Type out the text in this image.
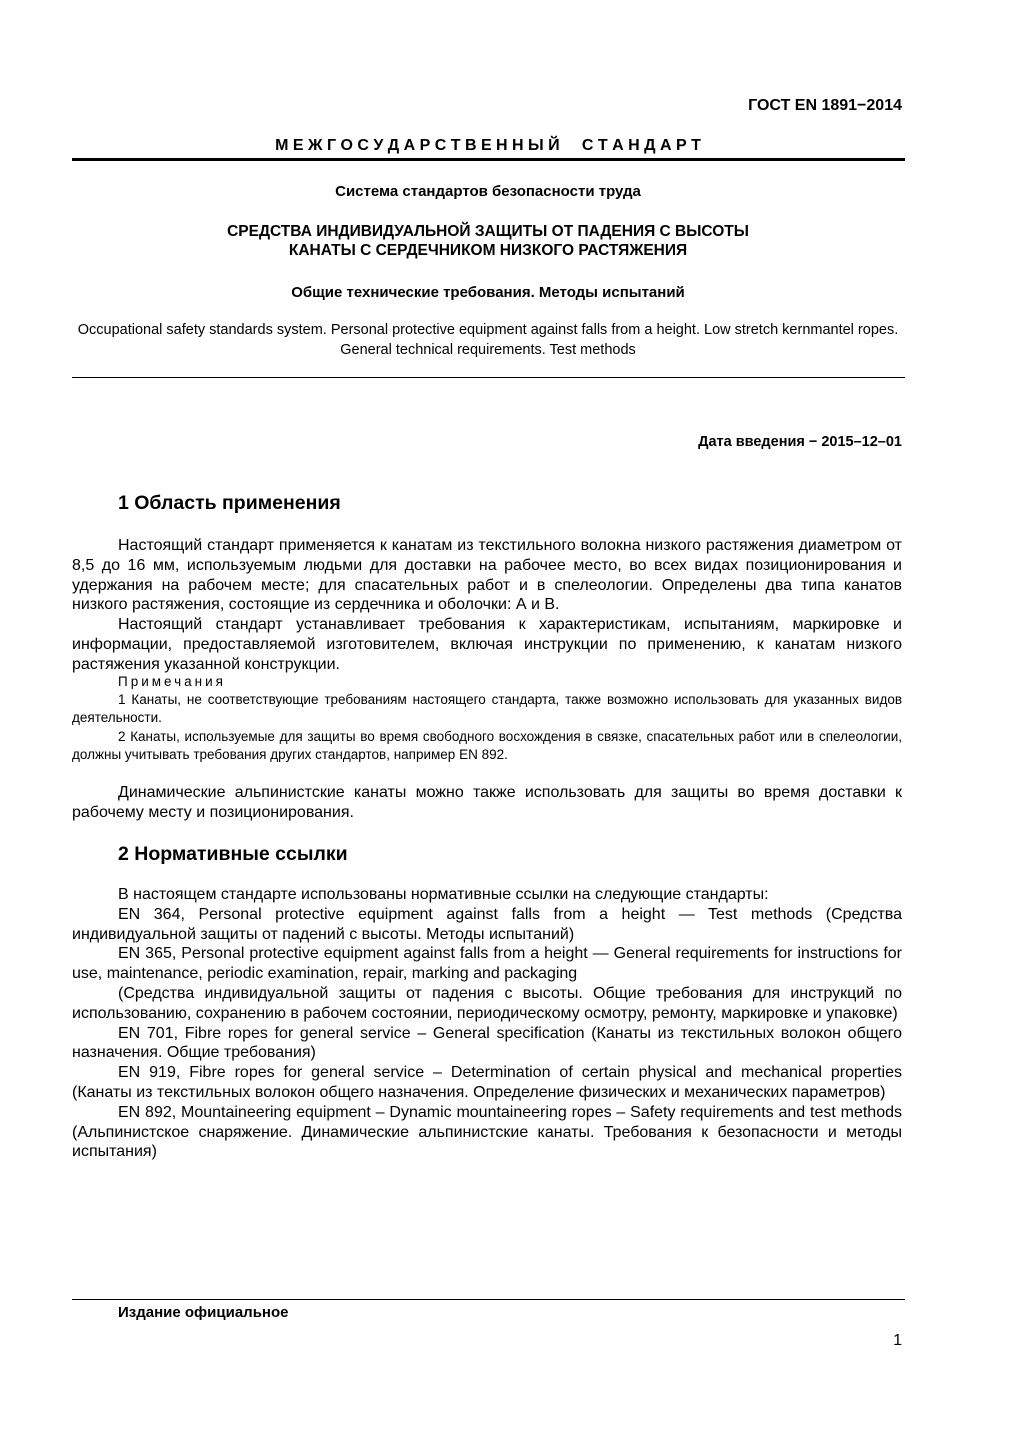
ГОСТ EN 1891−2014
М Е Ж Г О С У Д А Р С Т В Е Н Н Ы Й     С Т А Н Д А Р Т
Система стандартов безопасности труда
СРЕДСТВА ИНДИВИДУАЛЬНОЙ ЗАЩИТЫ ОТ ПАДЕНИЯ С ВЫСОТЫ
КАНАТЫ С СЕРДЕЧНИКОМ НИЗКОГО РАСТЯЖЕНИЯ
Общие технические требования. Методы испытаний
Occupational safety standards system. Personal protective equipment against falls from a height. Low stretch kernmantel ropes. General technical requirements. Test methods
Дата введения − 2015–12–01
1 Область применения

Настоящий стандарт применяется к канатам из текстильного волокна низкого растяжения диаметром от 8,5 до 16 мм, используемым людьми для доставки на рабочее место, во всех видах позиционирования и удержания на рабочем месте; для спасательных работ и в спелеологии. Определены два типа канатов низкого растяжения, состоящие из сердечника и оболочки: А и В.

Настоящий стандарт устанавливает требования к характеристикам, испытаниям, маркировке и информации, предоставляемой изготовителем, включая инструкции по применению, к канатам низкого растяжения указанной конструкции.

Примечания

1 Канаты, не соответствующие требованиям настоящего стандарта, также возможно использовать для указанных видов деятельности.

2 Канаты, используемые для защиты во время свободного восхождения в связке, спасательных работ или в спелеологии, должны учитывать требования других стандартов, например EN 892.

Динамические альпинистские канаты можно также использовать для защиты во время доставки к рабочему месту и позиционирования.

2 Нормативные ссылки

В настоящем стандарте использованы нормативные ссылки на следующие стандарты:

EN 364, Personal protective equipment against falls from a height — Test methods (Средства индивидуальной защиты от падений с высоты. Методы испытаний)

EN 365, Personal protective equipment against falls from a height — General requirements for instructions for use, maintenance, periodic examination, repair, marking and packaging

(Средства индивидуальной защиты от падения с высоты. Общие требования для инструкций по использованию, сохранению в рабочем состоянии, периодическому осмотру, ремонту, маркировке и упаковке)

EN 701, Fibre ropes for general service – General specification (Канаты из текстильных волокон общего назначения. Общие требования)

EN 919, Fibre ropes for general service – Determination of certain physical and mechanical properties (Канаты из текстильных волокон общего назначения. Определение физических и механических параметров)

EN 892, Mountaineering equipment – Dynamic mountaineering ropes – Safety requirements and test methods (Альпинистское снаряжение. Динамические альпинистские канаты. Требования к безопасности и методы испытания)

Издание официальное
1
